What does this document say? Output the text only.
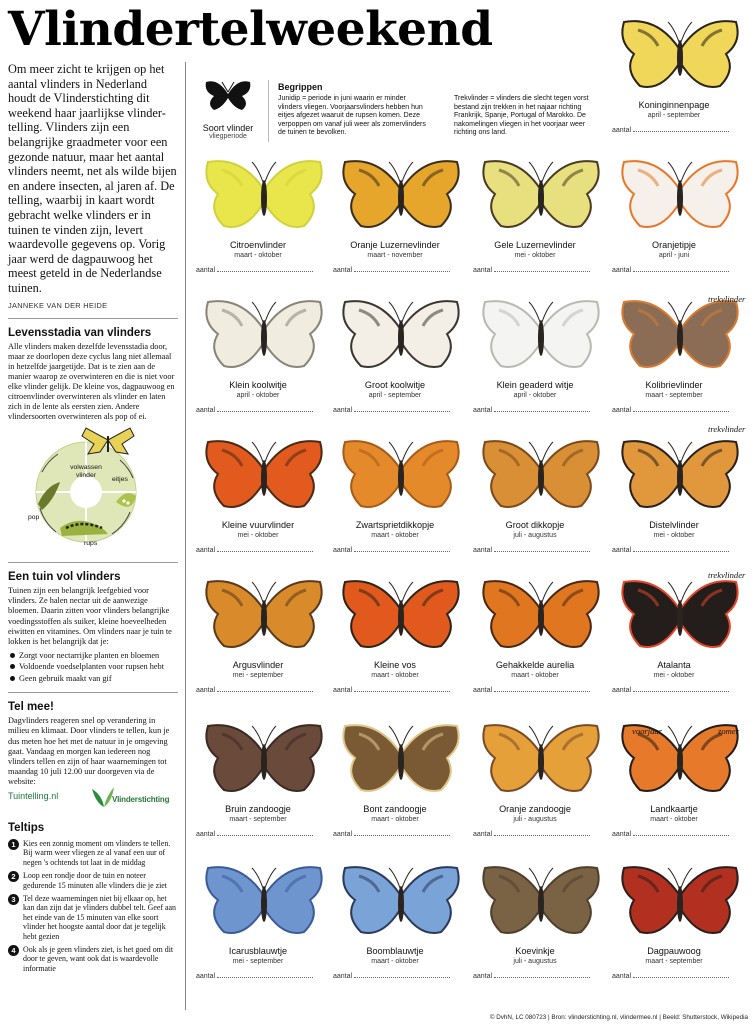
Vlindertelweekend

Om meer zicht te krijgen op het aantal vlinders in Nederland houdt de Vlinderstichting dit weekend haar jaarlijkse vlinder-telling. Vlinders zijn een belangrijke graadmeter voor een gezonde natuur, maar het aantal vlinders neemt, net als wilde bijen en andere insecten, al jaren af. De telling, waarbij in kaart wordt gebracht welke vlinders er in tuinen te vinden zijn, levert waardevolle gegevens op. Vorig jaar werd de dagpauwoog het meest geteld in de Nederlandse tuinen.

JANNEKE VAN DER HEIDE

Levensstadia van vlinders

Alle vlinders maken dezelfde levensstadia door, maar ze doorlopen deze cyclus lang niet allemaal in hetzelfde jaargetijde. Dat is te zien aan de manier waarop ze overwinteren en die is niet voor elke vlinder gelijk. De kleine vos, dagpauwoog en citroenvlinder overwinteren als vlinder en laten zich in de lente als eersten zien. Andere vlindersoorten overwinteren als pop of ei.

volwassen vlinder
eitjes
rups
pop
Een tuin vol vlinders

Tuinen zijn een belangrijk leefgebied voor vlinders. Ze halen nectar uit de aanwezige bloemen. Daarin zitten voor vlinders belangrijke voedingsstoffen als suiker, kleine hoeveelheden eiwitten en vitamines. Om vlinders naar je tuin te lokken is het belangrijk dat je:

Zorgt voor nectarrijke planten en bloemen
Voldoende voedselplanten voor rupsen hebt
Geen gebruik maakt van gif
Tel mee!

Dagvlinders reageren snel op verandering in milieu en klimaat. Door vlinders te tellen, kun je dus meten hoe het met de natuur in je omgeving gaat. Vandaag en morgen kan iedereen nog vlinders tellen en zijn of haar waarnemingen tot maandag 10 juli 12.00 uur doorgeven via de website:

Tuintelling.nl	Vlinderstichting
Teltips
1 Kies een zonnig moment om vlinders te tellen. Bij warm weer vliegen ze al vanaf een uur of negen 's ochtends tot laat in de middag
2 Loop een rondje door de tuin en noteer gedurende 15 minuten alle vlinders die je ziet
3 Tel deze waarnemingen niet bij elkaar op, het kan dan zijn dat je vlinders dubbel telt. Geef aan het einde van de 15 minuten van elke soort vlinder het hoogste aantal door dat je tegelijk hebt gezien
4 Ook als je geen vlinders ziet, is het goed om dit door te geven, want ook dat is waardevolle informatie
Soort vlinder
vliegperiode
Begrippen

Junidip = periode in juni waarin er minder vlinders vliegen. Voorjaarsvlinders hebben hun eitjes afgezet waaruit de rupsen komen. Deze verpoppen om vanaf juli weer als zomervlinders de tuinen te bevolken.

Trekvlinder = vlinders die slecht tegen vorst bestand zijn trekken in het najaar richting Frankrijk, Spanje, Portugal of Marokko. De nakomelingen vliegen in het voorjaar weer richting ons land.

Koninginnenpage
april - september
aantal
Citroenvlinder
maart - oktober
aantal
Oranje Luzernevlinder
maart - november
aantal
Gele Luzernevlinder
mei - oktober
aantal
Oranjetipje
april - juni
aantal
Klein koolwitje
april - oktober
aantal
Groot koolwitje
april - september
aantal
Klein geaderd witje
april - oktober
aantal
Kolibrievlinder
maart - september
aantal
Kleine vuurvlinder
mei - oktober
aantal
Zwartsprietdikkopje
maart - oktober
aantal
Groot dikkopje
juli - augustus
aantal
Distelvlinder
mei - oktober
aantal
Argusvlinder
mei - september
aantal
Kleine vos
maart - oktober
aantal
Gehakkelde aurelia
maart - oktober
aantal
Atalanta
mei - oktober
aantal
Bruin zandoogje
maart - september
aantal
Bont zandoogje
maart - oktober
aantal
Oranje zandoogje
juli - augustus
aantal
Landkaartje
maart - oktober
aantal
Icarusblauwtje
mei - september
aantal
Boomblauwtje
maart - oktober
aantal
Koevinkje
juli - augustus
aantal
Dagpauwoog
maart - september
aantal
trekvlinder
trekvlinder
trekvlinder
voorjaar	zomer
© DvhN, LC 080723 | Bron: vlinderstichting.nl, vlindermee.nl | Beeld: Shutterstock, Wikipedia
